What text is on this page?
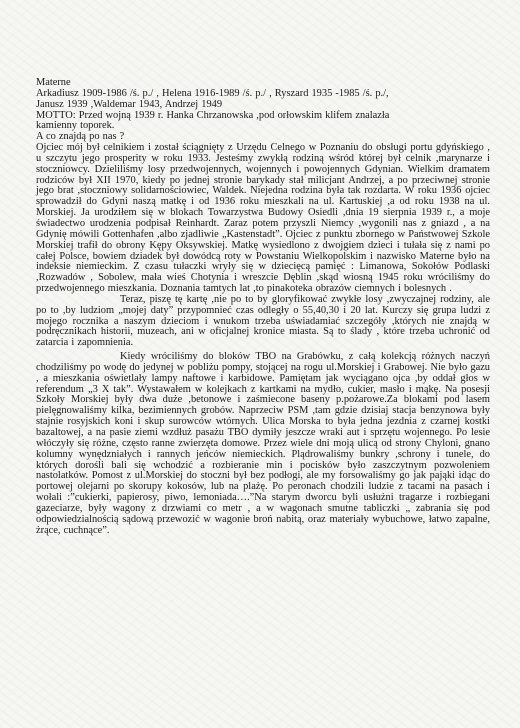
Materne
Arkadiusz 1909-1986 /ś. p./ , Helena 1916-1989 /ś. p./ , Ryszard 1935 -1985 /ś. p./,
Janusz 1939 ,Waldemar 1943, Andrzej 1949
MOTTO: Przed wojną 1939 r. Hanka Chrzanowska ,pod orłowskim klifem znalazła
kamienny toporek.
A co znajdą po nas ?

Ojciec mój był celnikiem i został ściągnięty z Urzędu Celnego w Poznaniu do obsługi portu gdyńskiego , u szczytu jego prosperity w roku 1933. Jesteśmy zwykłą rodziną wśród której był celnik ,marynarze i stoczniowcy. Dzieliliśmy losy przedwojennych, wojennych i powojennych Gdynian. Wielkim dramatem rodziców był XII 1970, kiedy po jednej stronie barykady stał milicjant Andrzej, a po przeciwnej stronie jego brat ,stoczniowy solidarnościowiec, Waldek. Niejedna rodzina była tak rozdarta. W roku 1936 ojciec sprowadził do Gdyni naszą matkę i od 1936 roku mieszkali na ul. Kartuskiej ,a od roku 1938 na ul. Morskiej. Ja urodziłem się w blokach Towarzystwa Budowy Osiedli ,dnia 19 sierpnia 1939 r., a moje świadectwo urodzenia podpisał Reinhardt. Zaraz potem przyszli Niemcy ,wygonili nas z gniazd , a na Gdynię mówili Gottenhafen ,albo zjadliwie „Kastenstadt”. Ojciec z punktu zbornego w Państwowej Szkole Morskiej trafił do obrony Kępy Oksywskiej. Matkę wysiedlono z dwojgiem dzieci i tułała się z nami po całej Polsce, bowiem dziadek był dowódcą roty w Powstaniu Wielkopolskim i nazwisko Materne było na indeksie niemieckim. Z czasu tułaczki wryły się w dziecięcą pamięć : Limanowa, Sokołów Podlaski ,Rozwadów , Sobolew, mała wieś Chotynia i wreszcie Dęblin ,skąd wiosną 1945 roku wróciliśmy do przedwojennego mieszkania. Doznania tamtych lat ,to pinakoteka obrazów ciemnych i bolesnych .

Teraz, piszę tę kartę ,nie po to by gloryfikować zwykłe losy ,zwyczajnej rodziny, ale po to ,by ludziom „mojej daty” przypomnieć czas odległy o 55,40,30 i 20 lat. Kurczy się grupa ludzi z mojego rocznika a naszym dzieciom i wnukom trzeba uświadamiać szczegóły ,których nie znajdą w podręcznikach historii, muzeach, ani w oficjalnej kronice miasta. Są to ślady , które trzeba uchronić od zatarcia i zapomnienia.

Kiedy wróciliśmy do bloków TBO na Grabówku, z całą kolekcją różnych naczyń chodziliśmy po wodę do jedynej w pobliżu pompy, stojącej na rogu ul.Morskiej i Grabowej. Nie było gazu , a mieszkania oświetlały lampy naftowe i karbidowe. Pamiętam jak wyciągano ojca ,by oddał głos w referendum „3 X tak”. Wystawałem w kolejkach z kartkami na mydło, cukier, masło i mąkę. Na posesji Szkoły Morskiej były dwa duże ,betonowe i zaśmiecone baseny p.pożarowe.Za blokami pod lasem pielęgnowaliśmy kilka, bezimiennych grobów. Naprzeciw PSM ,tam gdzie dzisiaj stacja benzynowa były stajnie rosyjskich koni i skup surowców wtórnych. Ulica Morska to była jedna jezdnia z czarnej kostki bazaltowej, a na pasie ziemi wzdłuż pasażu TBO dymiły jeszcze wraki aut i sprzętu wojennego. Po lesie włóczyły się różne, często ranne zwierzęta domowe. Przez wiele dni moją ulicą od strony Chyloni, gnano kolumny wynędzniałych i rannych jeńców niemieckich. Plądrowaliśmy bunkry ,schrony i tunele, do których dorośli bali się wchodzić a rozbieranie min i pocisków było zaszczytnym pozwoleniem nastolatków. Pomost z ul.Morskiej do stoczni był bez podłogi, ale my forsowaliśmy go jak pająki idąc do portowej olejarni po skorupy kokosów, lub na plażę. Po peronach chodzili ludzie z tacami na pasach i wołali :”cukierki, papierosy, piwo, lemoniada….”Na starym dworcu byli usłużni tragarze i rozbiegani gazeciarze, były wagony z drzwiami co metr , a w wagonach smutne tabliczki „ zabrania się pod odpowiedzialnością sądową przewozić w wagonie broń nabitą, oraz materiały wybuchowe, łatwo zapalne, żrące, cuchnące”.
